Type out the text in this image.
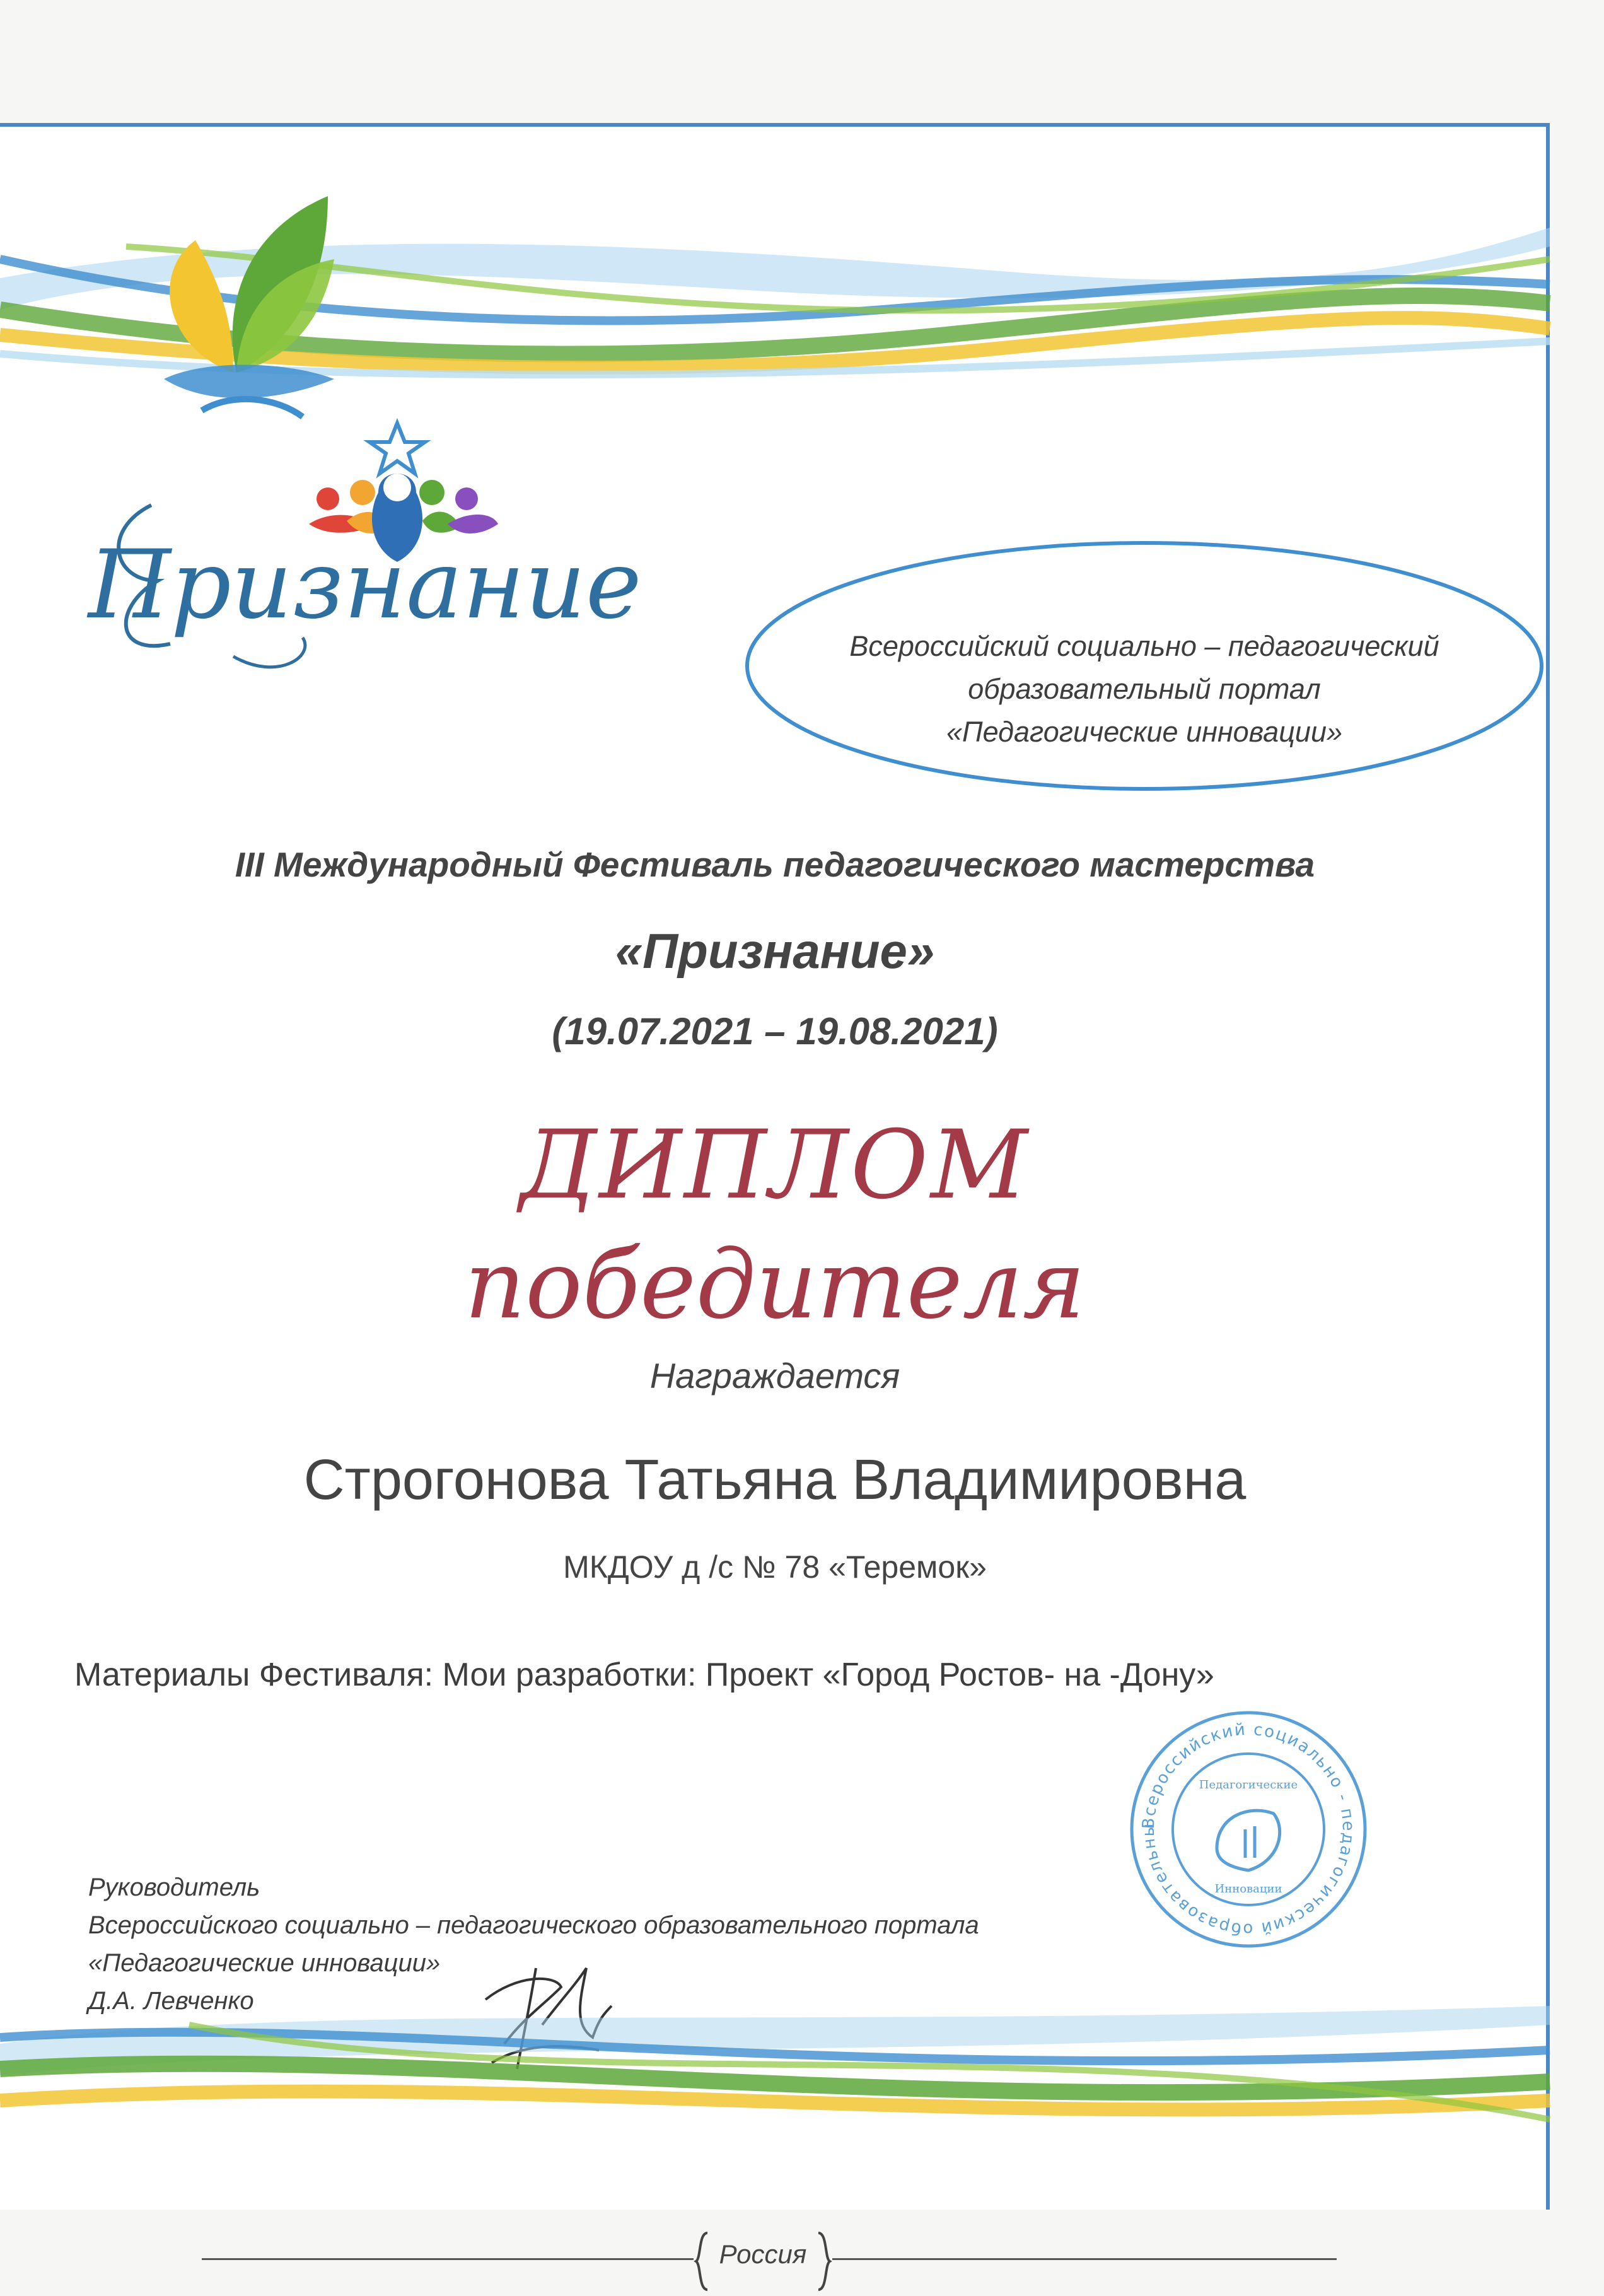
Признание
Всероссийский социально – педагогический
образовательный портал
«Педагогические инновации»
III Международный Фестиваль педагогического мастерства
«Признание»
(19.07.2021 – 19.08.2021)
ДИПЛОМ
победителя
Награждается
Строгонова Татьяна Владимировна
МКДОУ д /с № 78 «Теремок»
Материалы Фестиваля: Мои разработки: Проект «Город Ростов- на -Дону»
Руководитель
Всероссийского социально – педагогического образовательного портала
«Педагогические инновации»
Д.А. Левченко
Всероссийский социально - педагогический образовательный портал
Педагогические
Инновации
Россия
